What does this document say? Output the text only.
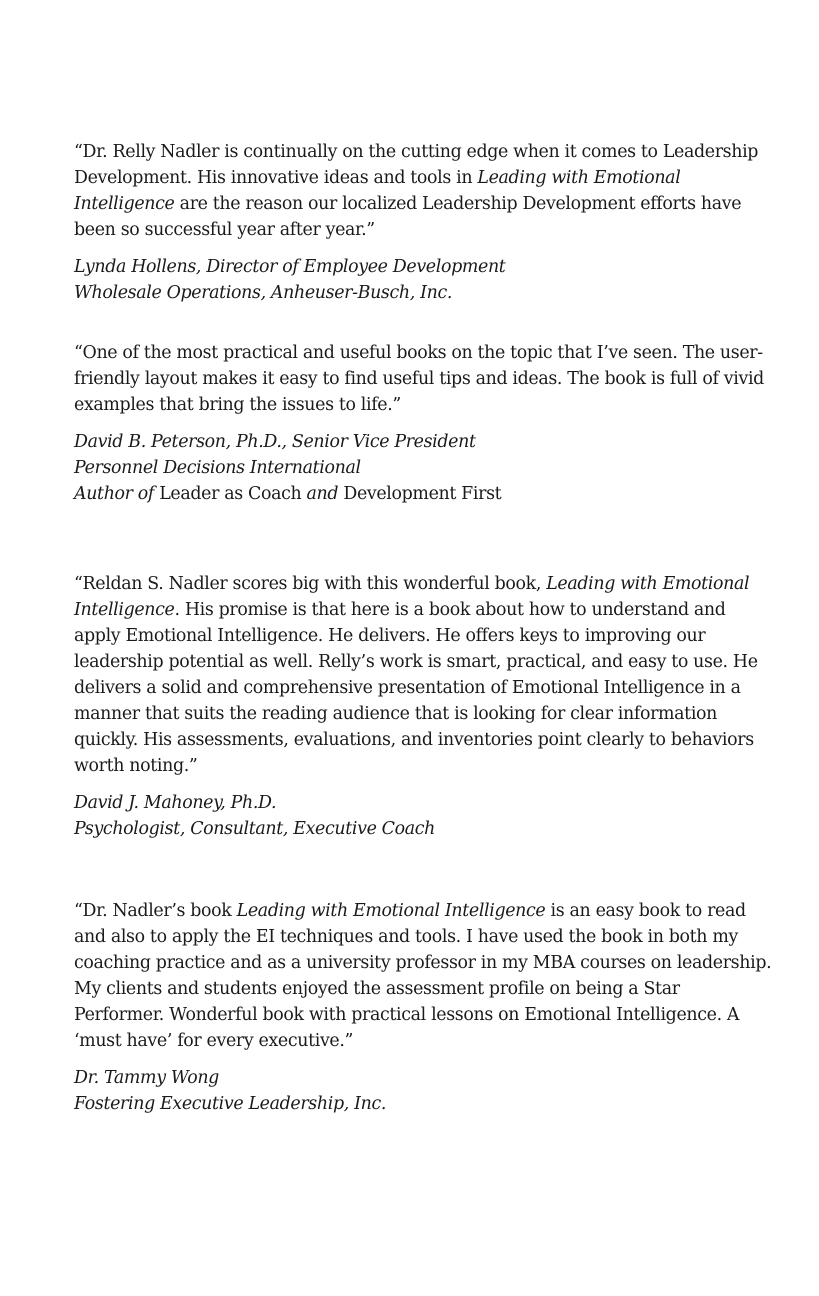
“Dr. Relly Nadler is continually on the cutting edge when it comes to Leadership Development. His innovative ideas and tools in Leading with Emotional Intelligence are the reason our localized Leadership Development efforts have been so successful year after year.”

Lynda Hollens, Director of Employee Development
Wholesale Operations, Anheuser-Busch, Inc.

“One of the most practical and useful books on the topic that I’ve seen. The user-friendly layout makes it easy to find useful tips and ideas. The book is full of vivid examples that bring the issues to life.”

David B. Peterson, Ph.D., Senior Vice President
Personnel Decisions International
Author of Leader as Coach and Development First

“Reldan S. Nadler scores big with this wonderful book, Leading with Emotional Intelligence. His promise is that here is a book about how to understand and apply Emotional Intelligence. He delivers. He offers keys to improving our leadership potential as well. Relly’s work is smart, practical, and easy to use. He delivers a solid and comprehensive presentation of Emotional Intelligence in a manner that suits the reading audience that is looking for clear information quickly. His assessments, evaluations, and inventories point clearly to behaviors worth noting.”

David J. Mahoney, Ph.D.
Psychologist, Consultant, Executive Coach

“Dr. Nadler’s book Leading with Emotional Intelligence is an easy book to read and also to apply the EI techniques and tools. I have used the book in both my coaching practice and as a university professor in my MBA courses on leadership. My clients and students enjoyed the assessment profile on being a Star Performer. Wonderful book with practical lessons on Emotional Intelligence. A ‘must have’ for every executive.”

Dr. Tammy Wong
Fostering Executive Leadership, Inc.
